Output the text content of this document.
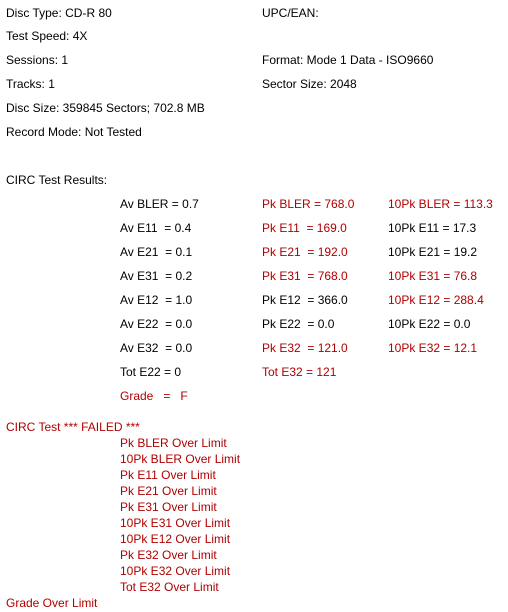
Disc Type: CD-R 80
Test Speed: 4X
Sessions: 1
Tracks: 1
Disc Size: 359845 Sectors; 702.8 MB
Record Mode: Not Tested
UPC/EAN:
Format: Mode 1 Data - ISO9660
Sector Size: 2048
CIRC Test Results:
Av BLER = 0.7	Pk BLER = 768.0	10Pk BLER = 113.3
Av E11  = 0.4	Pk E11  = 169.0	10Pk E11 = 17.3
Av E21  = 0.1	Pk E21  = 192.0	10Pk E21 = 19.2
Av E31  = 0.2	Pk E31  = 768.0	10Pk E31 = 76.8
Av E12  = 1.0	Pk E12  = 366.0	10Pk E12 = 288.4
Av E22  = 0.0	Pk E22  = 0.0	10Pk E22 = 0.0
Av E32  = 0.0	Pk E32  = 121.0	10Pk E32 = 12.1
Tot E22 = 0	Tot E32 = 121
Grade   =   F
CIRC Test *** FAILED ***
Pk BLER Over Limit
10Pk BLER Over Limit
Pk E11 Over Limit
Pk E21 Over Limit
Pk E31 Over Limit
10Pk E31 Over Limit
10Pk E12 Over Limit
Pk E32 Over Limit
10Pk E32 Over Limit
Tot E32 Over Limit
Grade Over Limit
